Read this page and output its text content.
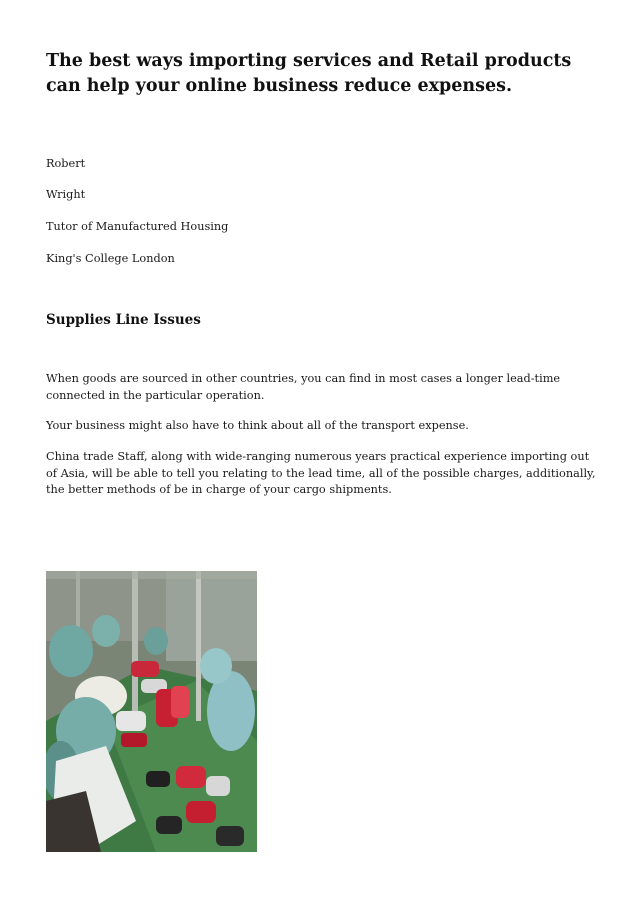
The best ways importing services and Retail products can help your online business reduce expenses.

Robert

Wright

Tutor of Manufactured Housing

King's College London

Supplies Line Issues

When goods are sourced in other countries, you can find in most cases a longer lead-time connected in the particular operation.

Your business might also have to think about all of the transport expense.

China trade Staff, along with wide-ranging numerous years practical experience importing out of Asia, will be able to tell you relating to the lead time, all of the possible charges, additionally, the better methods of be in charge of your cargo shipments.
